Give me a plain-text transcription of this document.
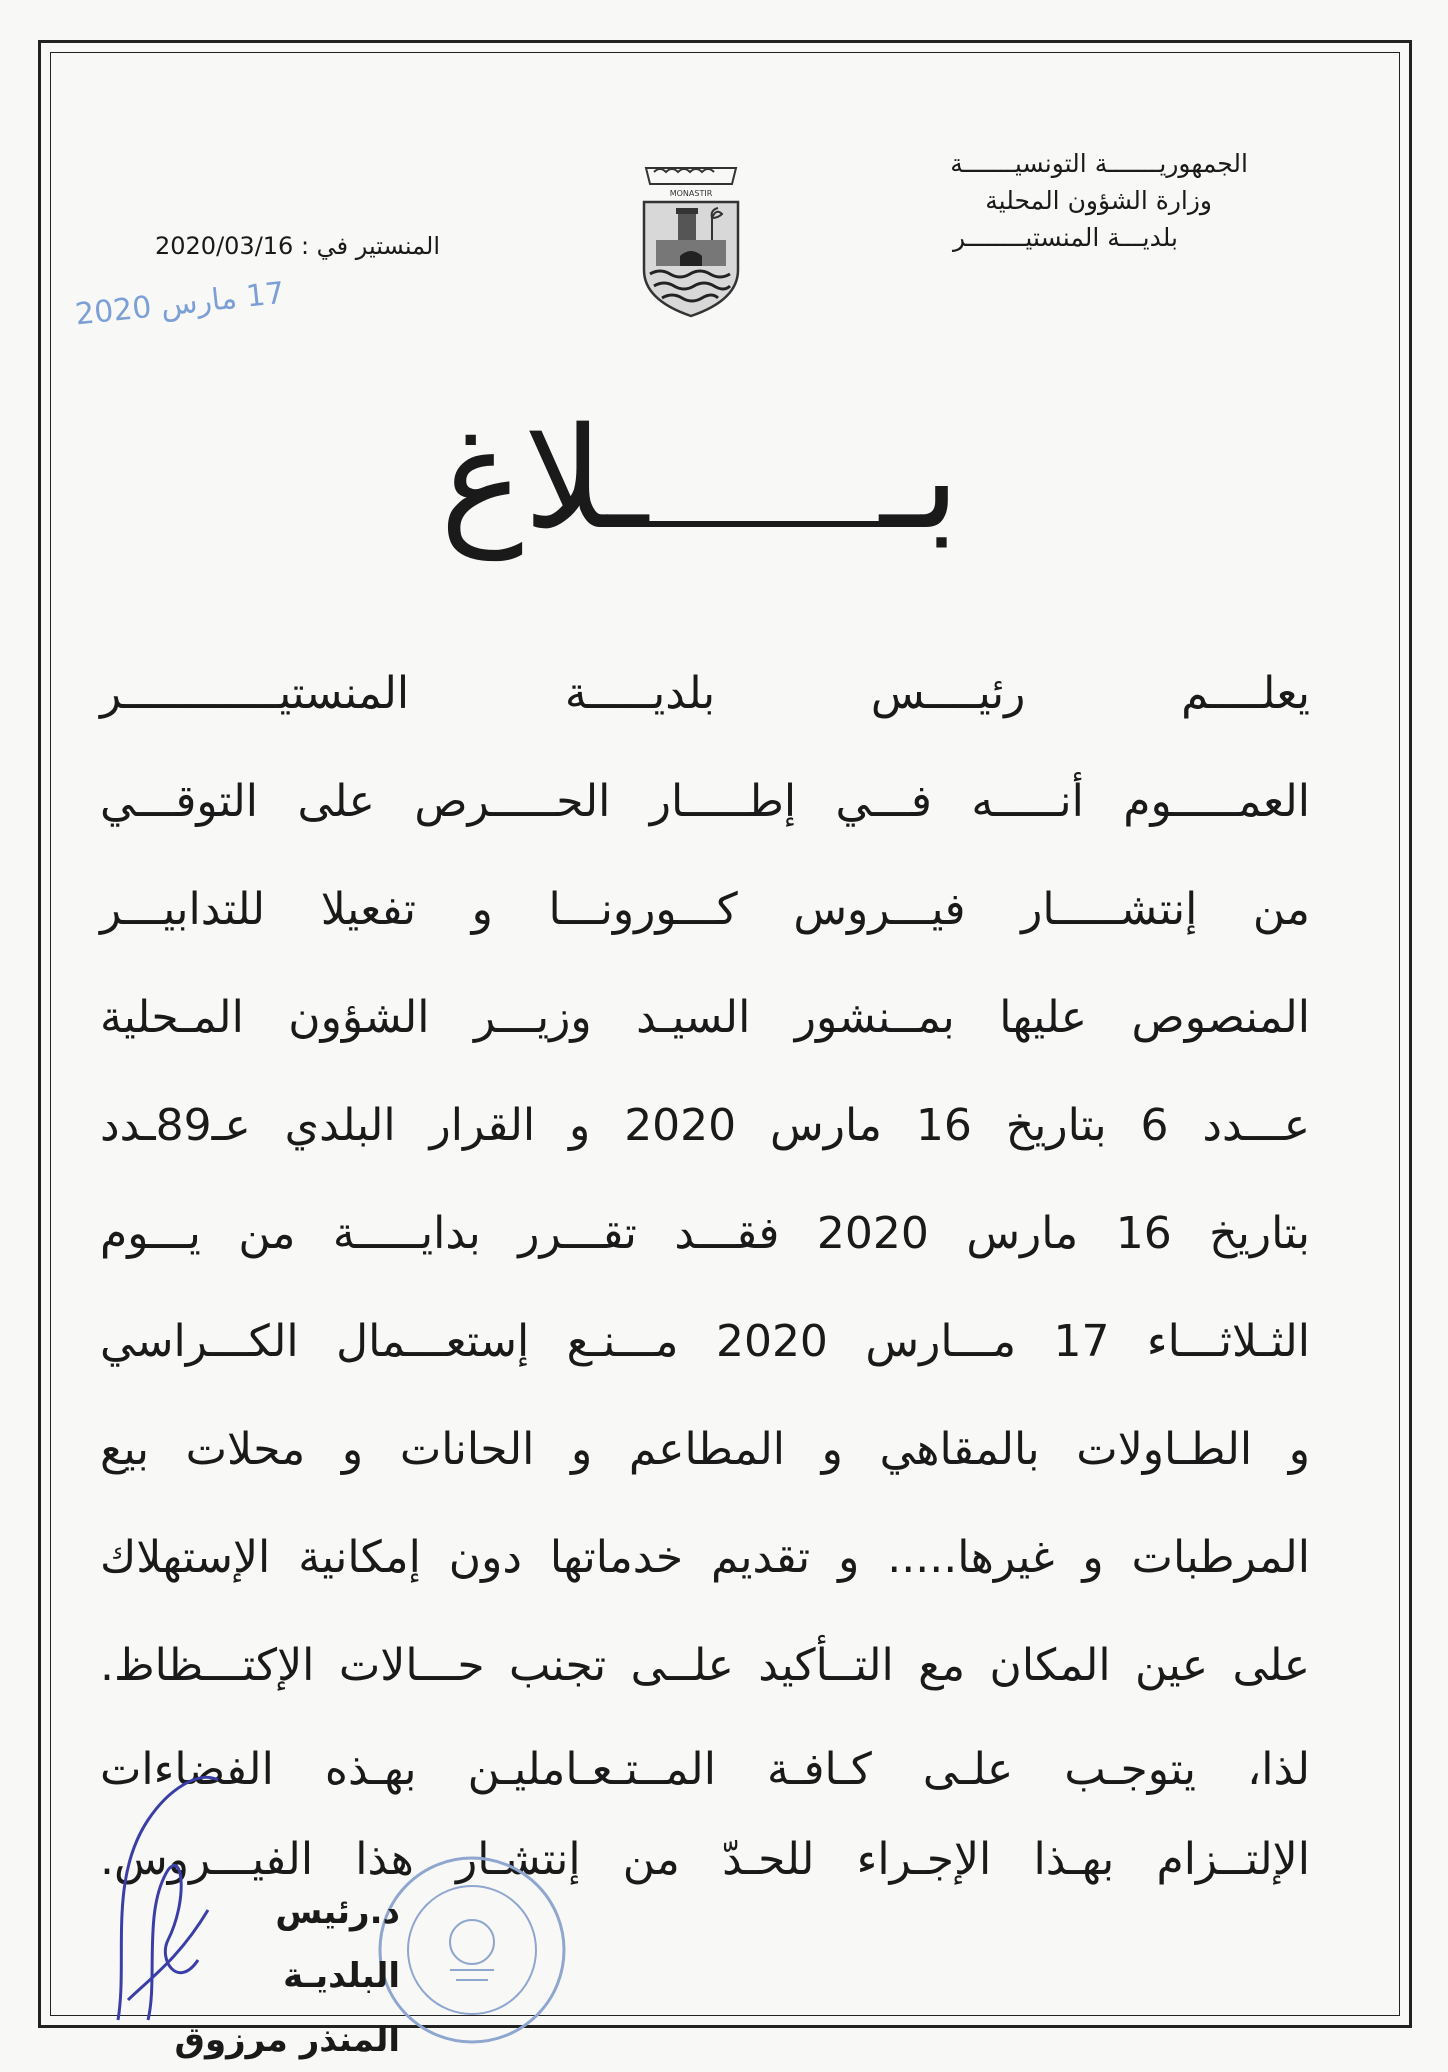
الجمهوريـــــــة التونسيـــــــة
وزارة الشؤون المحلية
بلديـــة المنستيــــــــر
MONASTIR
المنستير في : 2020/03/16
17 مارس 2020
بــلاغ
يعلــــم رئيــــس بلديـــــة المنستيــــــــــــر
العمـــــوم أنـــــه فـــي إطـــــار الحـــــرص على التوقـــي
من إنتشـــــار فيـــروس كـــورونـــا و تفعيلا للتدابيـــر
المنصوص عليها بمــنشور السيـد وزيـــر الشؤون المـحلية
عـــدد 6 بتاريخ 16 مارس 2020 و القرار البلدي عـ89ـدد
بتاريخ 16 مارس 2020 فقـــد تقـــرر بدايـــــة من يـــوم
الثـلاثـــاء 17 مـــارس 2020 مـــنـع إستعـــمال الكـــراسي
و الطـاولات بالمقاهي و المطاعم و الحانات و محلات بيع
المرطبات و غيرها..... و تقديم خدماتها دون إمكانية الإستهلاك
على عين المكان مع التــأكيد علــى تجنب حـــالات الإكتـــظاظ.
لذا، يتوجـب علـى كـافـة المــتـعـامليـن بهـذه الفضاءات
الإلتــزام بهـذا الإجـراء للحـدّ من إنتشـار هذا الفيـــروس.
د.رئيس البلديـة
المنذر مرزوق
